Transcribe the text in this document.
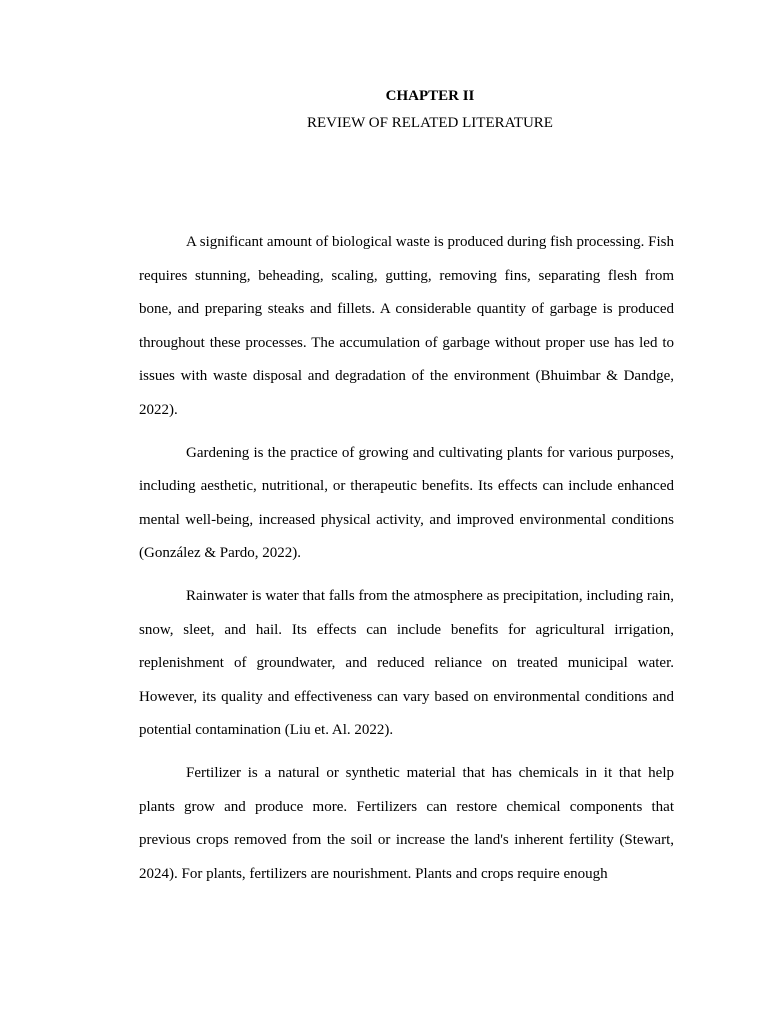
CHAPTER II
REVIEW OF RELATED LITERATURE

A significant amount of biological waste is produced during fish processing. Fish requires stunning, beheading, scaling, gutting, removing fins, separating flesh from bone, and preparing steaks and fillets. A considerable quantity of garbage is produced throughout these processes. The accumulation of garbage without proper use has led to issues with waste disposal and degradation of the environment (Bhuimbar & Dandge, 2022).

Gardening is the practice of growing and cultivating plants for various purposes, including aesthetic, nutritional, or therapeutic benefits. Its effects can include enhanced mental well-being, increased physical activity, and improved environmental conditions (González & Pardo, 2022).

Rainwater is water that falls from the atmosphere as precipitation, including rain, snow, sleet, and hail. Its effects can include benefits for agricultural irrigation, replenishment of groundwater, and reduced reliance on treated municipal water. However, its quality and effectiveness can vary based on environmental conditions and potential contamination (Liu et. Al. 2022).

Fertilizer is a natural or synthetic material that has chemicals in it that help plants grow and produce more. Fertilizers can restore chemical components that previous crops removed from the soil or increase the land's inherent fertility (Stewart, 2024). For plants, fertilizers are nourishment. Plants and crops require enough
